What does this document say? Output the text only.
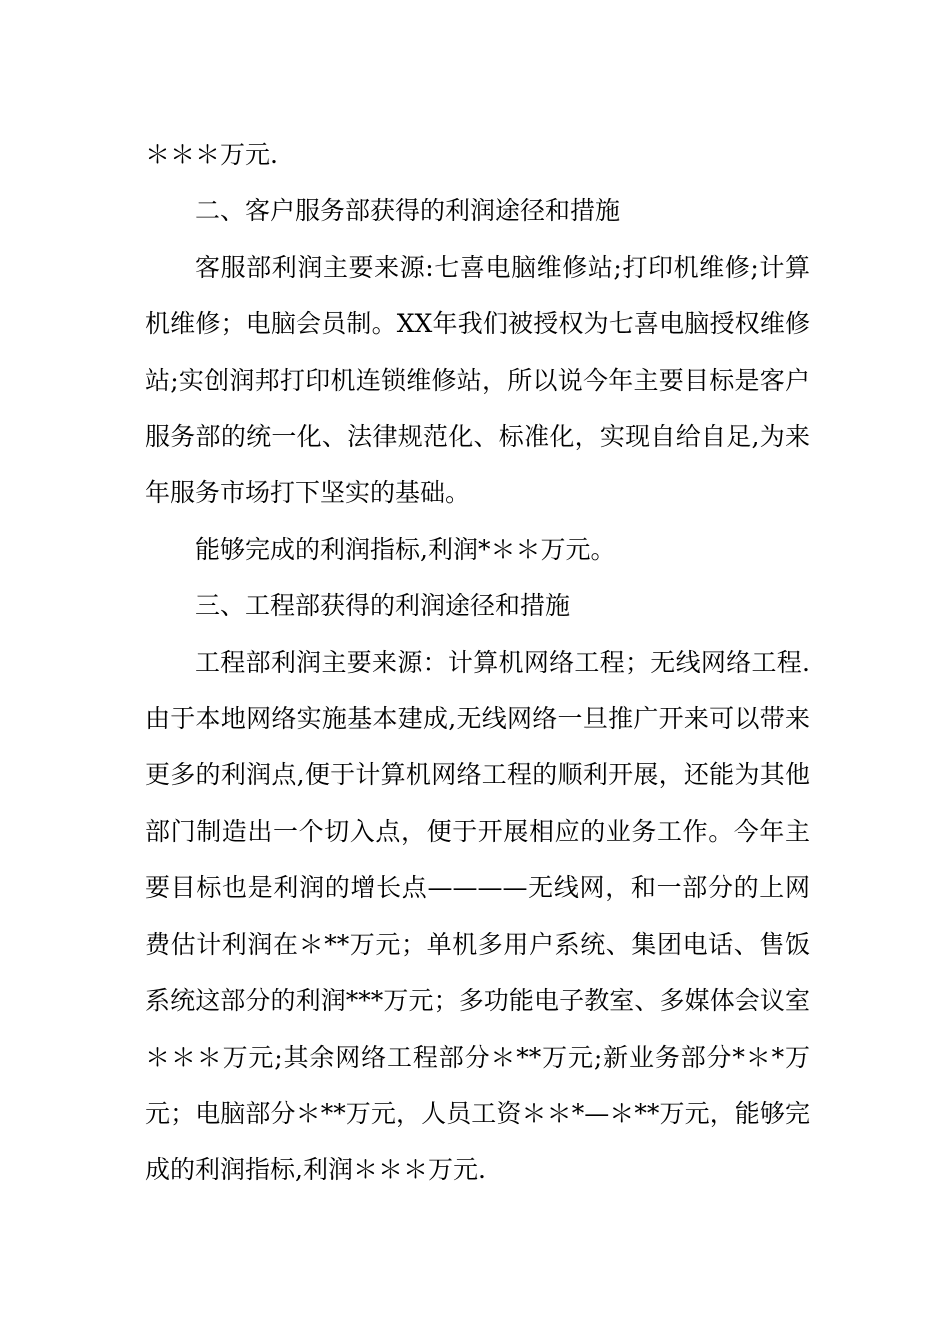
＊＊＊万元.

二、客户服务部获得的利润途径和措施

客服部利润主要来源:七喜电脑维修站;打印机维修;计算机维修；电脑会员制。XX年我们被授权为七喜电脑授权维修站;实创润邦打印机连锁维修站，所以说今年主要目标是客户服务部的统一化、法律规范化、标准化，实现自给自足,为来年服务市场打下坚实的基础。

能够完成的利润指标,利润*＊＊万元。

三、工程部获得的利润途径和措施

工程部利润主要来源：计算机网络工程；无线网络工程.由于本地网络实施基本建成,无线网络一旦推广开来可以带来更多的利润点,便于计算机网络工程的顺利开展，还能为其他部门制造出一个切入点，便于开展相应的业务工作。今年主要目标也是利润的增长点————无线网，和一部分的上网费估计利润在＊**万元；单机多用户系统、集团电话、售饭系统这部分的利润***万元；多功能电子教室、多媒体会议室＊＊＊万元;其余网络工程部分＊**万元;新业务部分*＊*万元；电脑部分＊**万元，人员工资＊＊*—＊**万元，能够完成的利润指标,利润＊＊＊万元.
